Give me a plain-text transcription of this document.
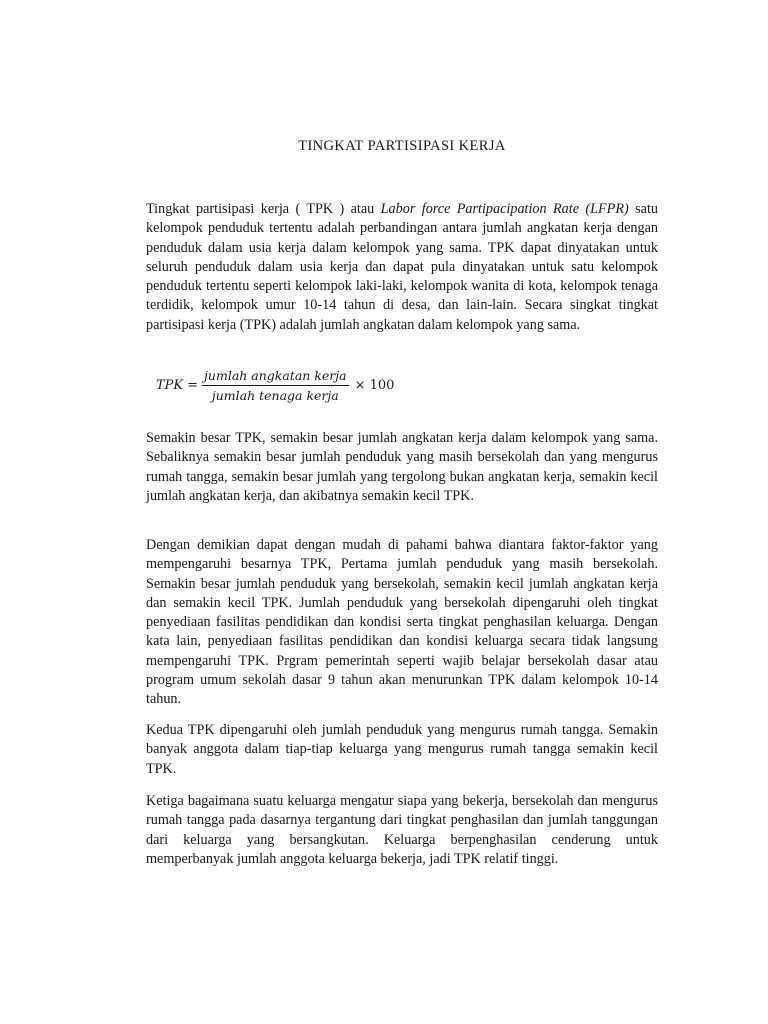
TINGKAT PARTISIPASI KERJA

Tingkat partisipasi kerja ( TPK ) atau Labor force Partipacipation Rate (LFPR) satu kelompok penduduk tertentu adalah perbandingan antara jumlah angkatan kerja dengan penduduk dalam usia kerja dalam kelompok yang sama. TPK dapat dinyatakan untuk seluruh penduduk dalam usia kerja dan dapat pula dinyatakan untuk satu kelompok penduduk tertentu seperti kelompok laki-laki, kelompok wanita di kota, kelompok tenaga terdidik, kelompok umur 10-14 tahun di desa, dan lain-lain. Secara singkat tingkat partisipasi kerja (TPK) adalah jumlah angkatan dalam kelompok yang sama.

TPK = $\frac{\text{jumlah angkatan kerja}}{\text{jumlah tenaga kerja}} \times 100$

Semakin besar TPK, semakin besar jumlah angkatan kerja dalam kelompok yang sama. Sebaliknya semakin besar jumlah penduduk yang masih bersekolah dan yang mengurus rumah tangga, semakin besar jumlah yang tergolong bukan angkatan kerja, semakin kecil jumlah angkatan kerja, dan akibatnya semakin kecil TPK.

Dengan demikian dapat dengan mudah di pahami bahwa diantara faktor-faktor yang mempengaruhi besarnya TPK, Pertama jumlah penduduk yang masih bersekolah. Semakin besar jumlah penduduk yang bersekolah, semakin kecil jumlah angkatan kerja dan semakin kecil TPK. Jumlah penduduk yang bersekolah dipengaruhi oleh tingkat penyediaan fasilitas pendidikan dan kondisi serta tingkat penghasilan keluarga. Dengan kata lain, penyediaan fasilitas pendidikan dan kondisi keluarga secara tidak langsung mempengaruhi TPK. Prgram pemerintah seperti wajib belajar bersekolah dasar atau program umum sekolah dasar 9 tahun akan menurunkan TPK dalam kelompok 10-14 tahun.

Kedua TPK dipengaruhi oleh jumlah penduduk yang mengurus rumah tangga. Semakin banyak anggota dalam tiap-tiap keluarga yang mengurus rumah tangga semakin kecil TPK.

Ketiga bagaimana suatu keluarga mengatur siapa yang bekerja, bersekolah dan mengurus rumah tangga pada dasarnya tergantung dari tingkat penghasilan dan jumlah tanggungan dari keluarga yang bersangkutan. Keluarga berpenghasilan cenderung untuk memperbanyak jumlah anggota keluarga bekerja, jadi TPK relatif tinggi.
